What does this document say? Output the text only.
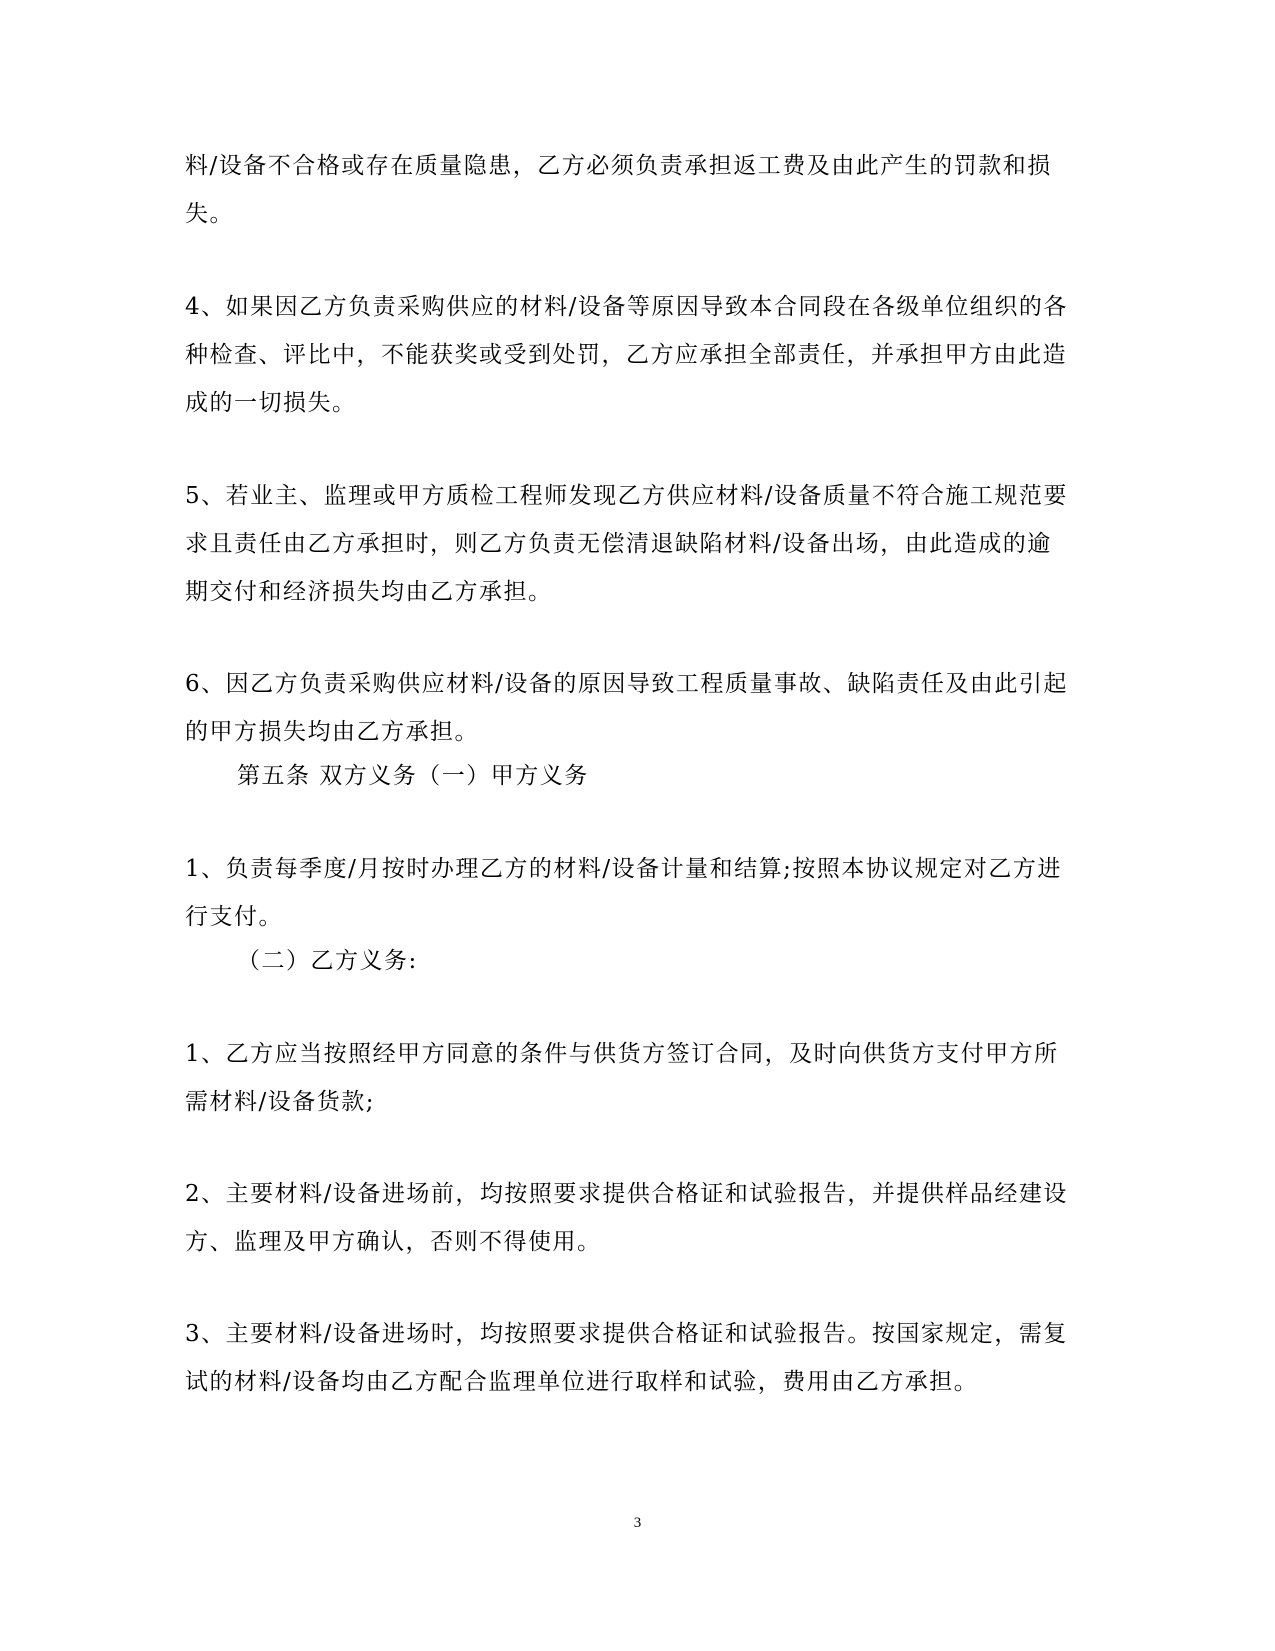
料/设备不合格或存在质量隐患，乙方必须负责承担返工费及由此产生的罚款和损
失。
4、如果因乙方负责采购供应的材料/设备等原因导致本合同段在各级单位组织的各
种检查、评比中，不能获奖或受到处罚，乙方应承担全部责任，并承担甲方由此造
成的一切损失。
5、若业主、监理或甲方质检工程师发现乙方供应材料/设备质量不符合施工规范要
求且责任由乙方承担时，则乙方负责无偿清退缺陷材料/设备出场，由此造成的逾
期交付和经济损失均由乙方承担。
6、因乙方负责采购供应材料/设备的原因导致工程质量事故、缺陷责任及由此引起
的甲方损失均由乙方承担。
第五条 双方义务（一）甲方义务
1、负责每季度/月按时办理乙方的材料/设备计量和结算;按照本协议规定对乙方进
行支付。
（二）乙方义务:
1、乙方应当按照经甲方同意的条件与供货方签订合同，及时向供货方支付甲方所
需材料/设备货款;
2、主要材料/设备进场前，均按照要求提供合格证和试验报告，并提供样品经建设
方、监理及甲方确认，否则不得使用。
3、主要材料/设备进场时，均按照要求提供合格证和试验报告。按国家规定，需复
试的材料/设备均由乙方配合监理单位进行取样和试验，费用由乙方承担。
3
